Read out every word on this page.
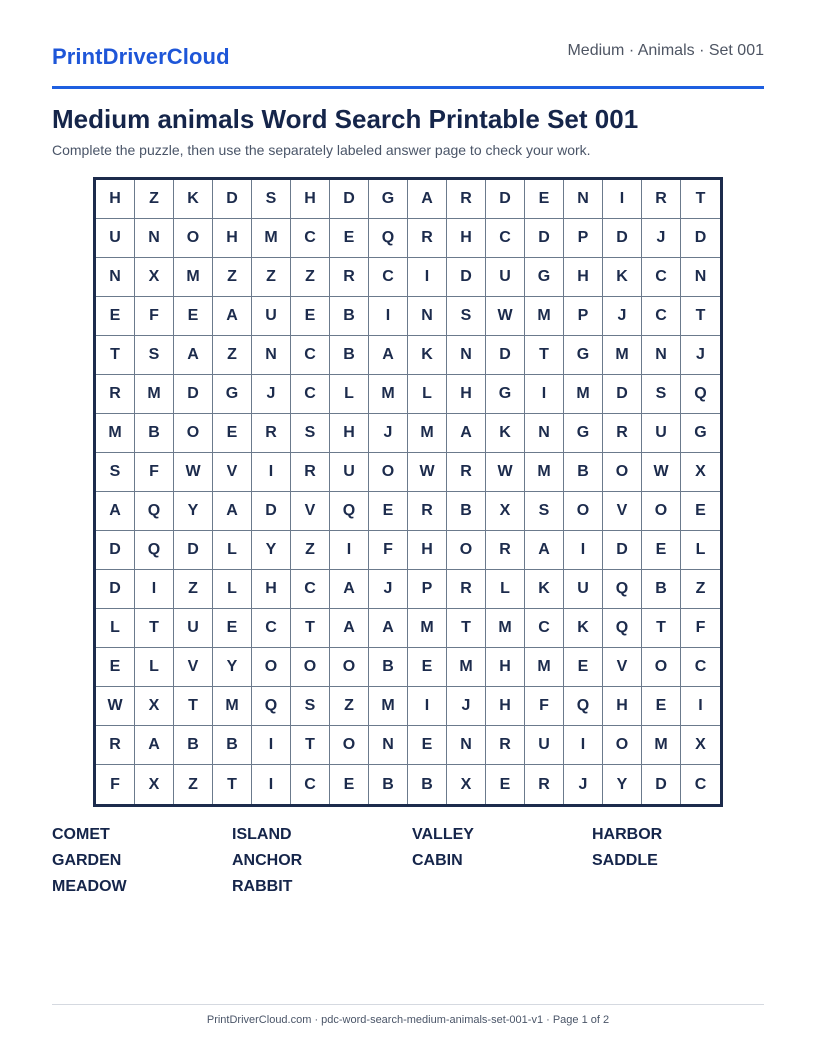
PrintDriverCloud	Medium · Animals · Set 001
Medium animals Word Search Printable Set 001
Complete the puzzle, then use the separately labeled answer page to check your work.
H	Z	K	D	S	H	D	G	A	R	D	E	N	I	R	T
U	N	O	H	M	C	E	Q	R	H	C	D	P	D	J	D
N	X	M	Z	Z	Z	R	C	I	D	U	G	H	K	C	N
E	F	E	A	U	E	B	I	N	S	W	M	P	J	C	T
T	S	A	Z	N	C	B	A	K	N	D	T	G	M	N	J
R	M	D	G	J	C	L	M	L	H	G	I	M	D	S	Q
M	B	O	E	R	S	H	J	M	A	K	N	G	R	U	G
S	F	W	V	I	R	U	O	W	R	W	M	B	O	W	X
A	Q	Y	A	D	V	Q	E	R	B	X	S	O	V	O	E
D	Q	D	L	Y	Z	I	F	H	O	R	A	I	D	E	L
D	I	Z	L	H	C	A	J	P	R	L	K	U	Q	B	Z
L	T	U	E	C	T	A	A	M	T	M	C	K	Q	T	F
E	L	V	Y	O	O	O	B	E	M	H	M	E	V	O	C
W	X	T	M	Q	S	Z	M	I	J	H	F	Q	H	E	I
R	A	B	B	I	T	O	N	E	N	R	U	I	O	M	X
F	X	Z	T	I	C	E	B	B	X	E	R	J	Y	D	C
COMET	ISLAND	VALLEY	HARBOR
GARDEN	ANCHOR	CABIN	SADDLE
MEADOW	RABBIT
PrintDriverCloud.com · pdc-word-search-medium-animals-set-001-v1 · Page 1 of 2
